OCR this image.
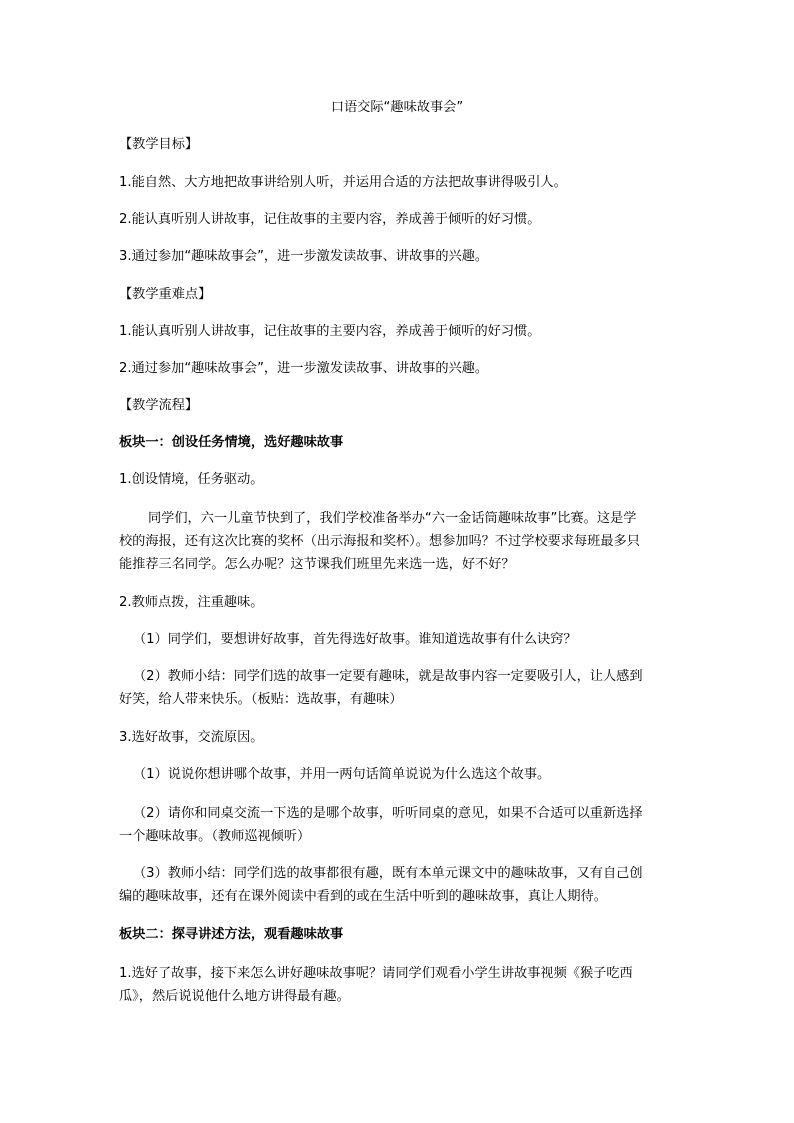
口语交际“趣味故事会”
【教学目标】
1.能自然、大方地把故事讲给别人听，并运用合适的方法把故事讲得吸引人。
2.能认真听别人讲故事，记住故事的主要内容，养成善于倾听的好习惯。
3.通过参加“趣味故事会”，进一步激发读故事、讲故事的兴趣。
【教学重难点】
1.能认真听别人讲故事，记住故事的主要内容，养成善于倾听的好习惯。
2.通过参加“趣味故事会”，进一步激发读故事、讲故事的兴趣。
【教学流程】
板块一：创设任务情境，选好趣味故事
1.创设情境，任务驱动。
同学们，六一儿童节快到了，我们学校准备举办“六一金话筒趣味故事”比赛。这是学
校的海报，还有这次比赛的奖杯（出示海报和奖杯）。想参加吗？不过学校要求每班最多只
能推荐三名同学。怎么办呢？这节课我们班里先来选一选，好不好？
2.教师点拨，注重趣味。
（1）同学们，要想讲好故事，首先得选好故事。谁知道选故事有什么诀窍？
（2）教师小结：同学们选的故事一定要有趣味，就是故事内容一定要吸引人，让人感到
好笑，给人带来快乐。（板贴：选故事，有趣味）
3.选好故事，交流原因。
（1）说说你想讲哪个故事，并用一两句话简单说说为什么选这个故事。
（2）请你和同桌交流一下选的是哪个故事，听听同桌的意见，如果不合适可以重新选择
一个趣味故事。（教师巡视倾听）
（3）教师小结：同学们选的故事都很有趣，既有本单元课文中的趣味故事，又有自己创
编的趣味故事，还有在课外阅读中看到的或在生活中听到的趣味故事，真让人期待。
板块二：探寻讲述方法，观看趣味故事
1.选好了故事，接下来怎么讲好趣味故事呢？请同学们观看小学生讲故事视频《猴子吃西
瓜》，然后说说他什么地方讲得最有趣。
